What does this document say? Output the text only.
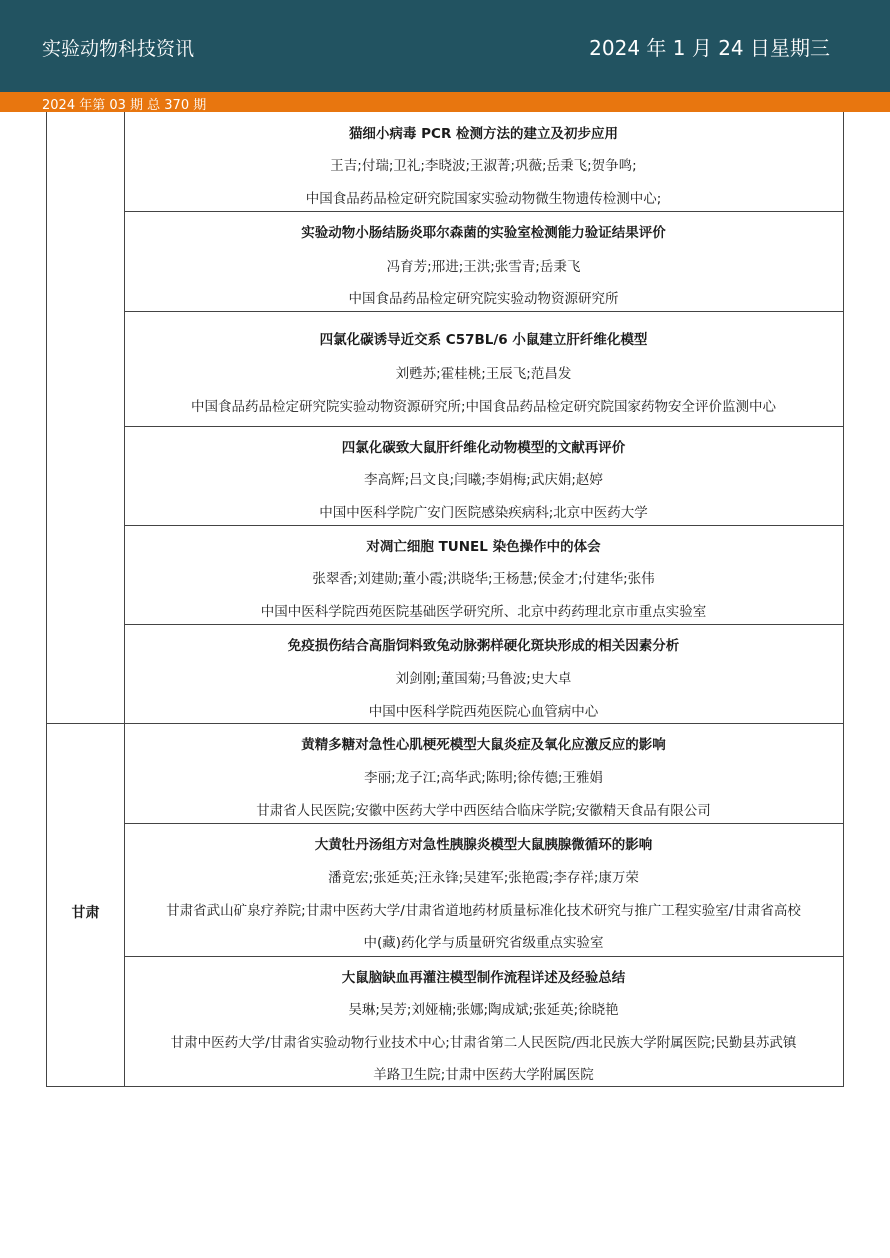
实验动物科技资讯	2024 年 1 月 24 日星期三
2024 年第 03 期 总 370 期
甘肃
猫细小病毒 PCR 检测方法的建立及初步应用
王吉;付瑞;卫礼;李晓波;王淑菁;巩薇;岳秉飞;贺争鸣;
中国食品药品检定研究院国家实验动物微生物遗传检测中心;
实验动物小肠结肠炎耶尔森菌的实验室检测能力验证结果评价
冯育芳;邢进;王洪;张雪青;岳秉飞
中国食品药品检定研究院实验动物资源研究所
四氯化碳诱导近交系 C57BL/6 小鼠建立肝纤维化模型
刘甦苏;霍桂桃;王辰飞;范昌发
中国食品药品检定研究院实验动物资源研究所;中国食品药品检定研究院国家药物安全评价监测中心
四氯化碳致大鼠肝纤维化动物模型的文献再评价
李高辉;吕文良;闫曦;李娟梅;武庆娟;赵婷
中国中医科学院广安门医院感染疾病科;北京中医药大学
对凋亡细胞 TUNEL 染色操作中的体会
张翠香;刘建勋;董小霞;洪晓华;王杨慧;侯金才;付建华;张伟
中国中医科学院西苑医院基础医学研究所、北京中药药理北京市重点实验室
免疫损伤结合高脂饲料致兔动脉粥样硬化斑块形成的相关因素分析
刘剑刚;董国菊;马鲁波;史大卓
中国中医科学院西苑医院心血管病中心
黄精多糖对急性心肌梗死模型大鼠炎症及氧化应激反应的影响
李丽;龙子江;高华武;陈明;徐传德;王雅娟
甘肃省人民医院;安徽中医药大学中西医结合临床学院;安徽精天食品有限公司
大黄牡丹汤组方对急性胰腺炎模型大鼠胰腺微循环的影响
潘竟宏;张延英;汪永锋;吴建军;张艳霞;李存祥;康万荣
甘肃省武山矿泉疗养院;甘肃中医药大学/甘肃省道地药材质量标准化技术研究与推广工程实验室/甘肃省高校
中(藏)药化学与质量研究省级重点实验室
大鼠脑缺血再灌注模型制作流程详述及经验总结
吴琳;吴芳;刘娅楠;张娜;陶成斌;张延英;徐晓艳
甘肃中医药大学/甘肃省实验动物行业技术中心;甘肃省第二人民医院/西北民族大学附属医院;民勤县苏武镇
羊路卫生院;甘肃中医药大学附属医院
